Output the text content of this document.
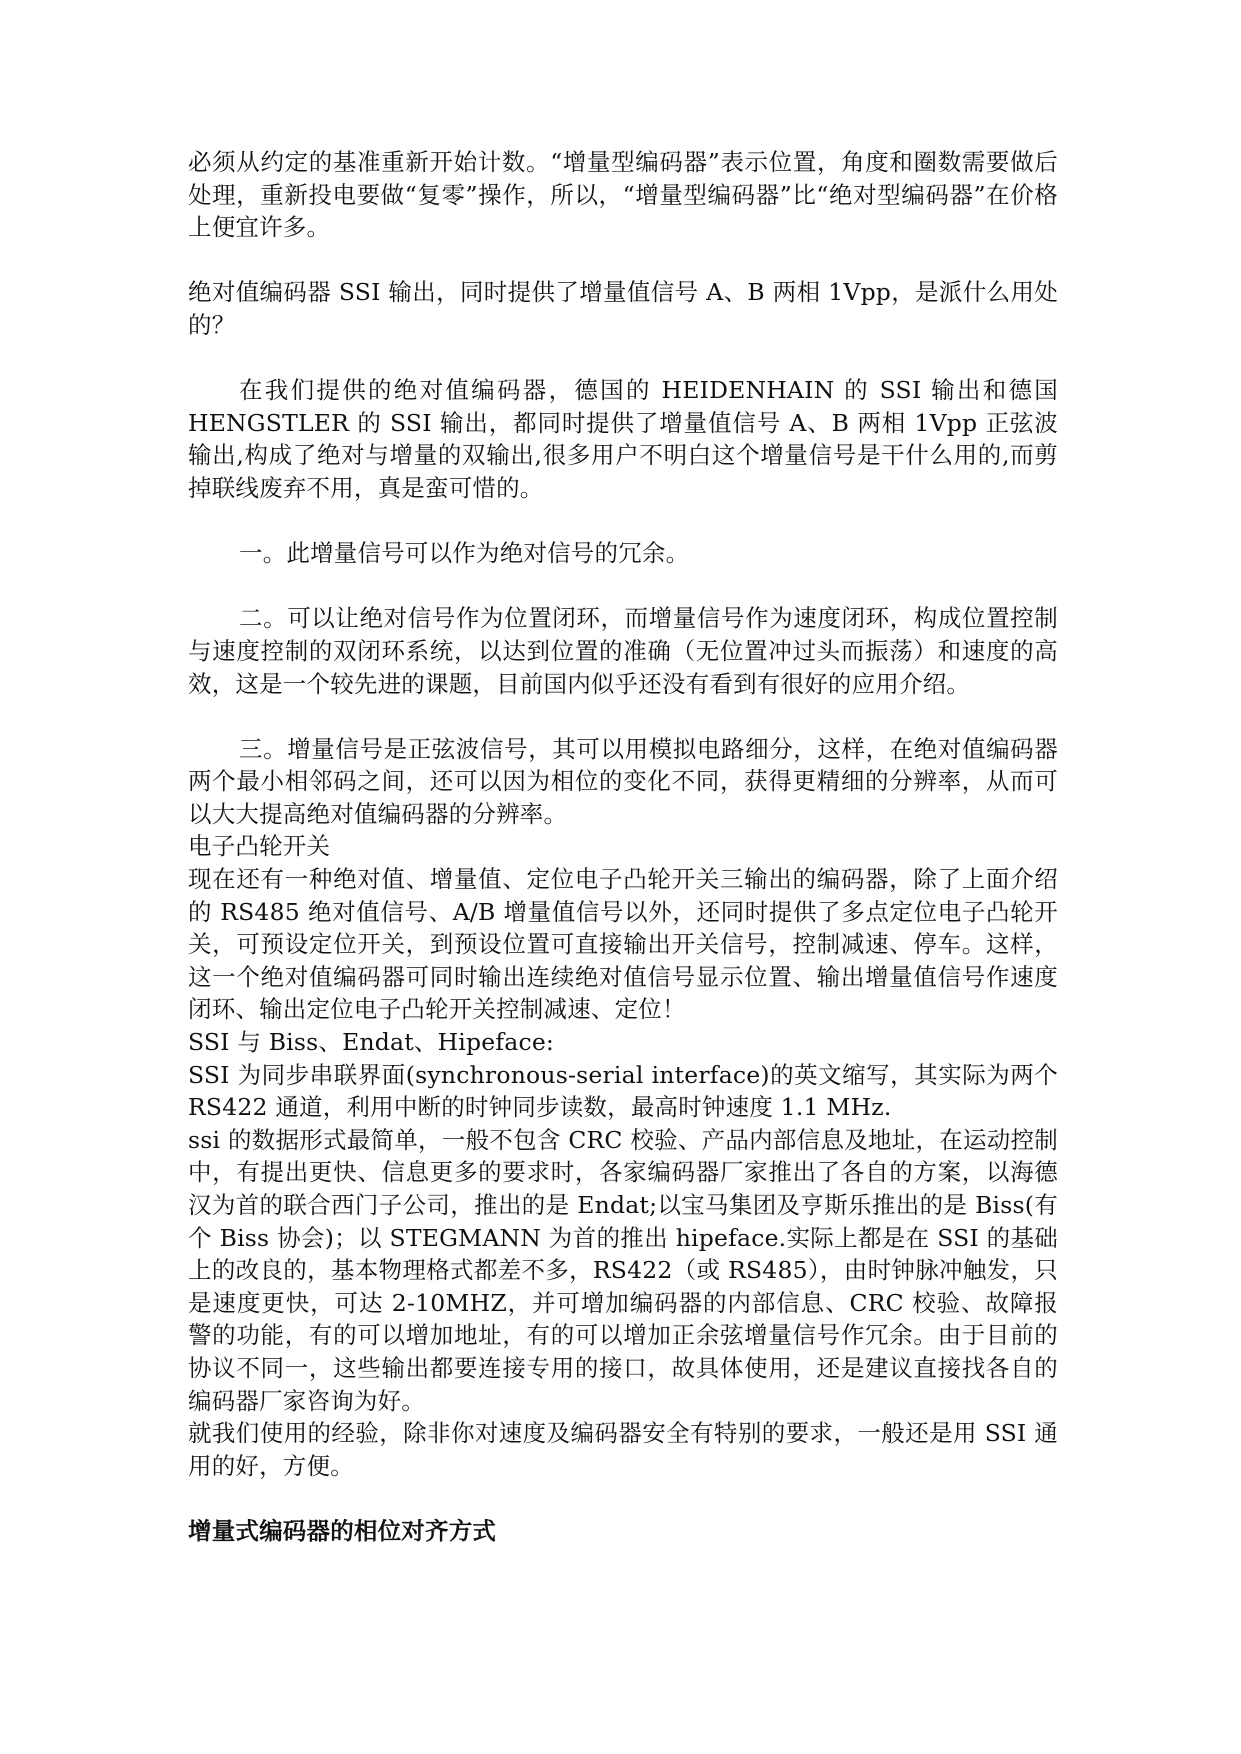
必须从约定的基准重新开始计数。“增量型编码器”表示位置，角度和圈数需要做后处理，重新投电要做“复零”操作，所以，“增量型编码器”比“绝对型编码器”在价格上便宜许多。

绝对值编码器 SSI 输出，同时提供了增量值信号 A、B 两相 1Vpp，是派什么用处的？

在我们提供的绝对值编码器，德国的 HEIDENHAIN 的 SSI 输出和德国 HENGSTLER 的 SSI 输出，都同时提供了增量值信号 A、B 两相 1Vpp 正弦波输出,构成了绝对与增量的双输出,很多用户不明白这个增量信号是干什么用的,而剪掉联线废弃不用，真是蛮可惜的。

一。此增量信号可以作为绝对信号的冗余。

二。可以让绝对信号作为位置闭环，而增量信号作为速度闭环，构成位置控制与速度控制的双闭环系统，以达到位置的准确（无位置冲过头而振荡）和速度的高效，这是一个较先进的课题，目前国内似乎还没有看到有很好的应用介绍。

三。增量信号是正弦波信号，其可以用模拟电路细分，这样，在绝对值编码器两个最小相邻码之间，还可以因为相位的变化不同，获得更精细的分辨率，从而可以大大提高绝对值编码器的分辨率。

电子凸轮开关

现在还有一种绝对值、增量值、定位电子凸轮开关三输出的编码器，除了上面介绍的 RS485 绝对值信号、A/B 增量值信号以外，还同时提供了多点定位电子凸轮开关，可预设定位开关，到预设位置可直接输出开关信号，控制减速、停车。这样，这一个绝对值编码器可同时输出连续绝对值信号显示位置、输出增量值信号作速度闭环、输出定位电子凸轮开关控制减速、定位！

SSI 与 Biss、Endat、Hipeface:

SSI 为同步串联界面(synchronous-serial interface)的英文缩写，其实际为两个 RS422 通道，利用中断的时钟同步读数，最高时钟速度 1.1 MHz.

ssi 的数据形式最简单，一般不包含 CRC 校验、产品内部信息及地址，在运动控制中，有提出更快、信息更多的要求时，各家编码器厂家推出了各自的方案，以海德汉为首的联合西门子公司，推出的是 Endat;以宝马集团及亨斯乐推出的是 Biss(有个 Biss 协会)；以 STEGMANN 为首的推出 hipeface.实际上都是在 SSI 的基础上的改良的，基本物理格式都差不多，RS422（或 RS485），由时钟脉冲触发，只是速度更快，可达 2-10MHZ，并可增加编码器的内部信息、CRC 校验、故障报警的功能，有的可以增加地址，有的可以增加正余弦增量信号作冗余。由于目前的协议不同一，这些输出都要连接专用的接口，故具体使用，还是建议直接找各自的编码器厂家咨询为好。

就我们使用的经验，除非你对速度及编码器安全有特别的要求，一般还是用 SSI 通用的好，方便。

增量式编码器的相位对齐方式
